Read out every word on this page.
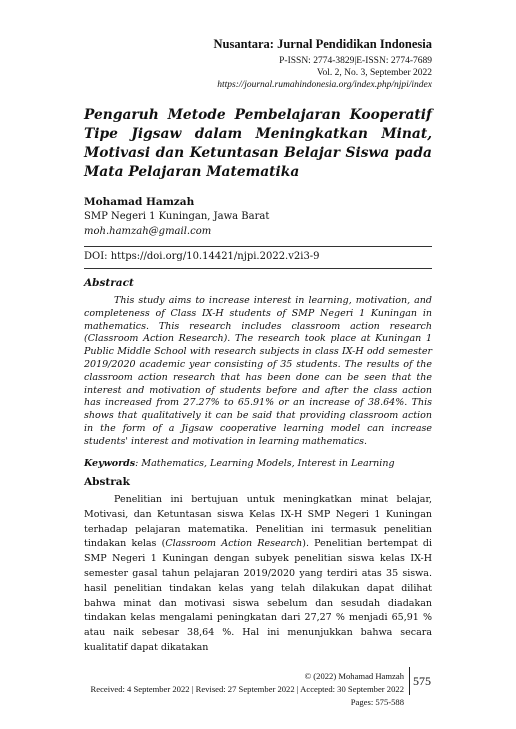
Nusantara: Jurnal Pendidikan Indonesia
P-ISSN: 2774-3829|E-ISSN: 2774-7689
Vol. 2, No. 3, September 2022
https://journal.rumahindonesia.org/index.php/njpi/index
Pengaruh Metode Pembelajaran Kooperatif Tipe Jigsaw dalam Meningkatkan Minat, Motivasi dan Ketuntasan Belajar Siswa pada Mata Pelajaran Matematika
Mohamad Hamzah
SMP Negeri 1 Kuningan, Jawa Barat
moh.hamzah@gmail.com
DOI: https://doi.org/10.14421/njpi.2022.v2i3-9
Abstract

This study aims to increase interest in learning, motivation, and completeness of Class IX-H students of SMP Negeri 1 Kuningan in mathematics. This research includes classroom action research (Classroom Action Research). The research took place at Kuningan 1 Public Middle School with research subjects in class IX-H odd semester 2019/2020 academic year consisting of 35 students. The results of the classroom action research that has been done can be seen that the interest and motivation of students before and after the class action has increased from 27.27% to 65.91% or an increase of 38.64%. This shows that qualitatively it can be said that providing classroom action in the form of a Jigsaw cooperative learning model can increase students' interest and motivation in learning mathematics.

Keywords: Mathematics, Learning Models, Interest in Learning
Abstrak

Penelitian ini bertujuan untuk meningkatkan minat belajar, Motivasi, dan Ketuntasan siswa Kelas IX-H SMP Negeri 1 Kuningan terhadap pelajaran matematika. Penelitian ini termasuk penelitian tindakan kelas (Classroom Action Research). Penelitian bertempat di SMP Negeri 1 Kuningan dengan subyek penelitian siswa kelas IX-H semester gasal tahun pelajaran 2019/2020 yang terdiri atas 35 siswa. hasil penelitian tindakan kelas yang telah dilakukan dapat dilihat bahwa minat dan motivasi siswa sebelum dan sesudah diadakan tindakan kelas mengalami peningkatan dari 27,27 % menjadi 65,91 % atau naik sebesar 38,64 %. Hal ini menunjukkan bahwa secara kualitatif dapat dikatakan

© (2022) Mohamad Hamzah
Received: 4 September 2022 | Revised: 27 September 2022 | Accepted: 30 September 2022
Pages: 575-588
575
